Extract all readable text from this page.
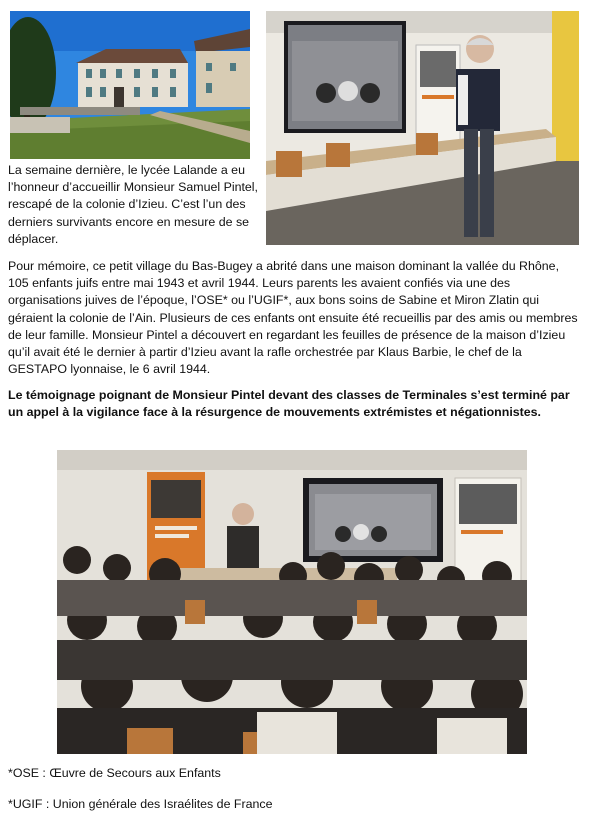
La semaine dernière, le lycée Lalande a eu l’honneur d’accueillir Monsieur Samuel Pintel, rescapé de la colonie d’Izieu. C’est l’un des derniers survivants encore en mesure de se déplacer.

Pour mémoire, ce petit village du Bas-Bugey a abrité dans une maison dominant la vallée du Rhône, 105 enfants juifs entre mai 1943 et avril 1944. Leurs parents les avaient confiés via une des organisations juives de l’époque, l’OSE* ou l’UGIF*, aux bons soins de Sabine et Miron Zlatin qui géraient la colonie de l’Ain. Plusieurs de ces enfants ont ensuite été recueillis par des amis ou membres de leur famille. Monsieur Pintel a découvert en regardant les feuilles de présence de la maison d’Izieu qu’il avait été le dernier à partir d’Izieu avant la rafle orchestrée par Klaus Barbie, le chef de la GESTAPO lyonnaise, le 6 avril 1944.

Le témoignage poignant de Monsieur Pintel devant des classes de Terminales s’est terminé par un appel à la vigilance face à la résurgence de mouvements extrémistes et négationnistes.

*OSE : Œuvre de Secours aux Enfants

*UGIF : Union générale des Israélites de France
